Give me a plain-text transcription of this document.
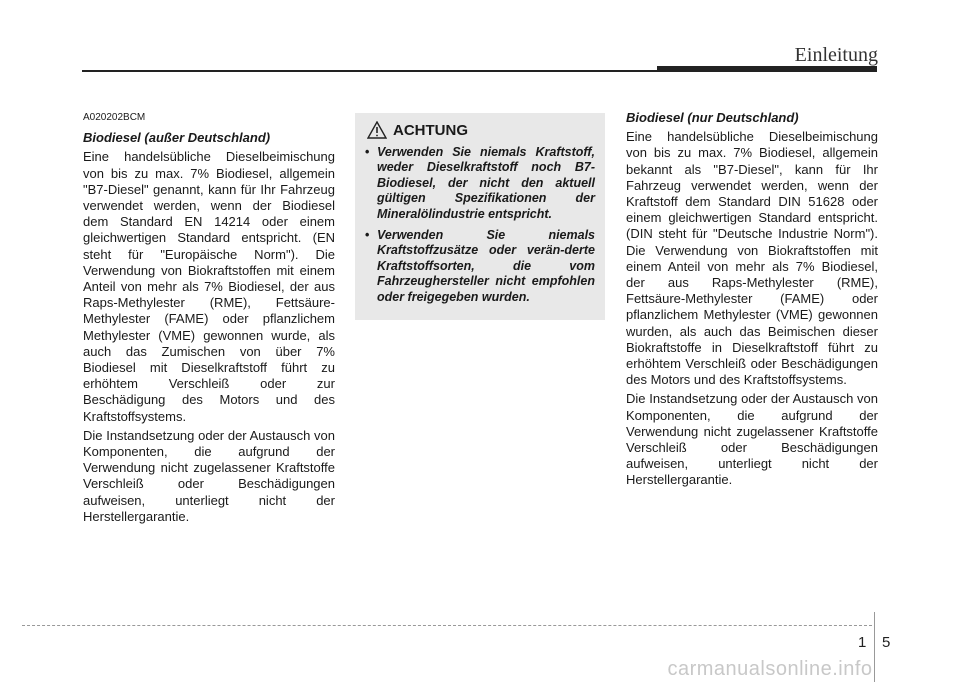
Einleitung
A020202BCM
Biodiesel (außer Deutschland)

Eine handelsübliche Dieselbeimischung von bis zu max. 7% Biodiesel, allgemein "B7-Diesel" genannt, kann für Ihr Fahrzeug verwendet werden, wenn der Biodiesel dem Standard EN 14214 oder einem gleichwertigen Standard entspricht. (EN steht für "Europäische Norm"). Die Verwendung von Biokraftstoffen mit einem Anteil von mehr als 7% Biodiesel, der aus Raps-Methylester (RME), Fettsäure-Methylester (FAME) oder pflanzlichem Methylester (VME) gewonnen wurde, als auch das Zumischen von über 7% Biodiesel mit Dieselkraftstoff führt zu erhöhtem Verschleiß oder zur Beschädigung des Motors und des Kraftstoffsystems.

Die Instandsetzung oder der Austausch von Komponenten, die aufgrund der Verwendung nicht zugelassener Kraftstoffe Verschleiß oder Beschädigungen aufweisen, unterliegt nicht der Herstellergarantie.

ACHTUNG
• Verwenden Sie niemals Kraftstoff, weder Dieselkraftstoff noch B7-Biodiesel, der nicht den aktuell gültigen Spezifikationen der Mineralölindustrie entspricht.
• Verwenden Sie niemals Kraftstoffzusätze oder verän-derte Kraftstoffsorten, die vom Fahrzeughersteller nicht empfohlen oder freigegeben wurden.
Biodiesel (nur Deutschland)

Eine handelsübliche Dieselbeimischung von bis zu max. 7% Biodiesel, allgemein bekannt als "B7-Diesel", kann für Ihr Fahrzeug verwendet werden, wenn der Kraftstoff dem Standard DIN 51628 oder einem gleichwertigen Standard entspricht. (DIN steht für "Deutsche Industrie Norm"). Die Verwendung von Biokraftstoffen mit einem Anteil von mehr als 7% Biodiesel, der aus Raps-Methylester (RME), Fettsäure-Methylester (FAME) oder pflanzlichem Methylester (VME) gewonnen wurden, als auch das Beimischen dieser Biokraftstoffe in Dieselkraftstoff führt zu erhöhtem Verschleiß oder Beschädigungen des Motors und des Kraftstoffsystems.

Die Instandsetzung oder der Austausch von Komponenten, die aufgrund der Verwendung nicht zugelassener Kraftstoffe Verschleiß oder Beschädigungen aufweisen, unterliegt nicht der Herstellergarantie.

1 5
carmanualsonline.info
